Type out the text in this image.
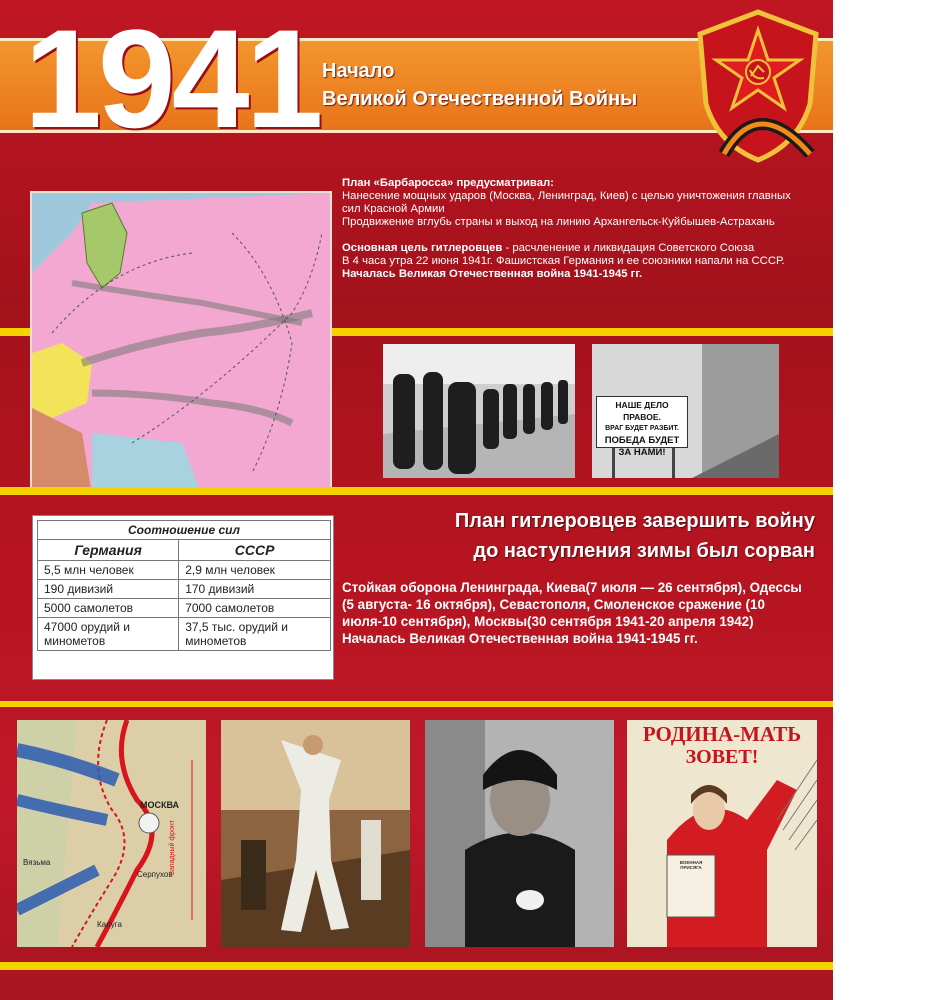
1941 Начало
Великой Отечественной Войны
План «Барбаросса» предусматривал:
Нанесение мощных ударов (Москва, Ленинград, Киев) с целью уничтожения главных сил Красной Армии
Продвижение вглубь страны и выход на линию Архангельск-Куйбышев-Астрахань

Основная цель гитлеровцев - расчленение и ликвидация Советского Союза
В 4 часа утра 22 июня 1941г. Фашистская Германия и ее союзники напали на СССР.
Началась Великая Отечественная война 1941-1945 гг.
НАШЕ ДЕЛО ПРАВОЕ.
ВРАГ БУДЕТ РАЗБИТ.
ПОБЕДА БУДЕТ
ЗА НАМИ!
Соотношение сил	
Германия	СССР
5,5 млн человек	2,9 млн человек
190 дивизий	170 дивизий
5000 самолетов	7000 самолетов
47000 орудий и минометов	37,5 тыс. орудий и минометов
План гитлеровцев завершить войну
до наступления зимы был сорван
Стойкая оборона Ленинграда, Киева(7 июля — 26 сентября), Одессы (5 августа- 16 октября), Севастополя, Смоленское сражение (10 июля-10 сентября), Москвы(30 сентября 1941-20 апреля 1942)
Началась Великая Отечественная война 1941-1945 гг.
МОСКВА
Серпухов
Вязьма
Калуга
Западный фронт
РОДИНА-МАТЬ
ЗОВЕТ!
ВОЕННАЯ ПРИСЯГА
